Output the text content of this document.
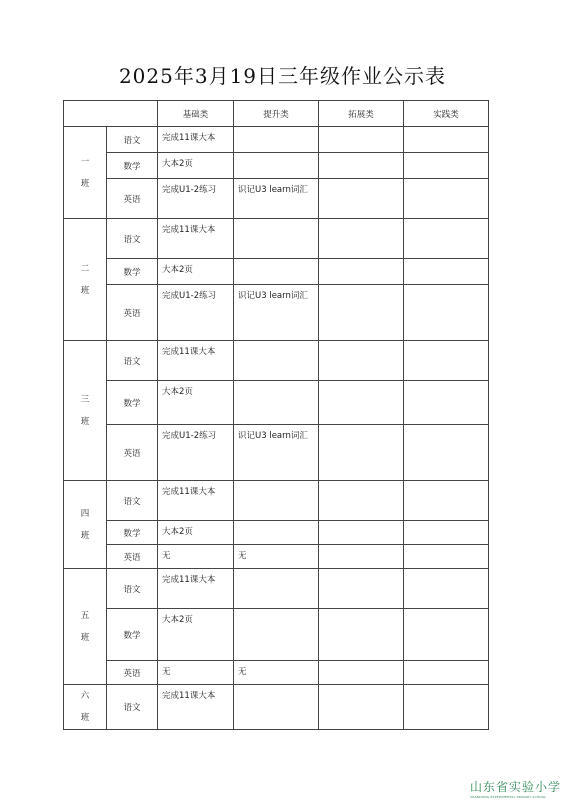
2025年3月19日三年级作业公示表
		基础类	提升类	拓展类	实践类
一
班	语文	完成11课大本			
	数学	大本2页			
	英语	完成U1-2练习	识记U3 learn词汇		
二
班	语文	完成11课大本			
	数学	大本2页			
	英语	完成U1-2练习	识记U3 learn词汇		
三
班	语文	完成11课大本			
	数学	大本2页			
	英语	完成U1-2练习	识记U3 learn词汇		
四
班	语文	完成11课大本			
	数学	大本2页			
	英语	无	无		
五
班	语文	完成11课大本			
	数学	大本2页			
	英语	无	无		
六
班	语文	完成11课大本			
山东省实验小学
SHANDONG EXPERIMENTAL PRIMARY SCHOOL
